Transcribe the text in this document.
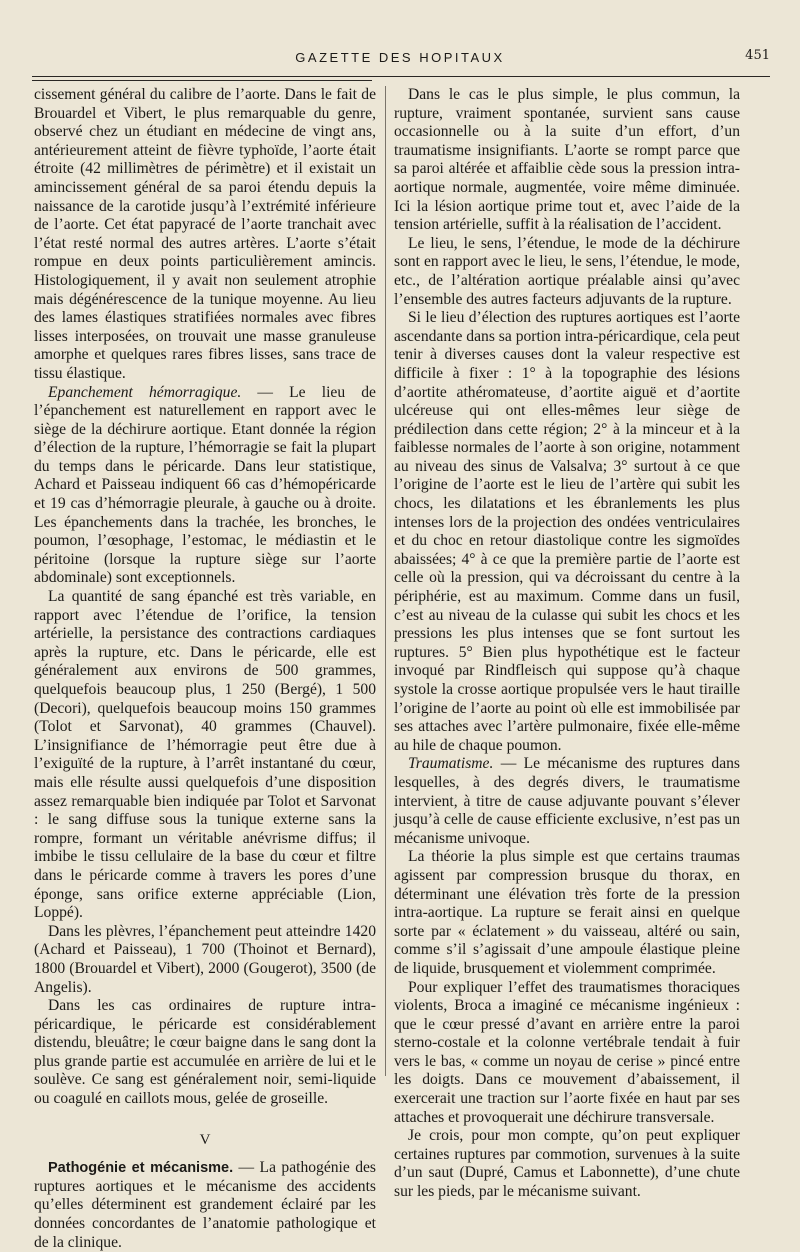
GAZETTE DES HOPITAUX	451

cissement général du calibre de l’aorte. Dans le fait de Brouardel et Vibert, le plus remarquable du genre, observé chez un étudiant en médecine de vingt ans, antérieurement atteint de fièvre typhoïde, l’aorte était étroite (42 millimètres de périmètre) et il existait un amincissement général de sa paroi étendu depuis la naissance de la carotide jusqu’à l’extrémité inférieure de l’aorte. Cet état papyracé de l’aorte tranchait avec l’état resté normal des autres artères. L’aorte s’était rompue en deux points particulièrement amincis. Histologiquement, il y avait non seulement atrophie mais dégénérescence de la tunique moyenne. Au lieu des lames élastiques stratifiées normales avec fibres lisses interposées, on trouvait une masse granuleuse amorphe et quelques rares fibres lisses, sans trace de tissu élastique.

Epanchement hémorragique. — Le lieu de l’épanchement est naturellement en rapport avec le siège de la déchirure aortique. Etant donnée la région d’élection de la rupture, l’hémorragie se fait la plupart du temps dans le péricarde. Dans leur statistique, Achard et Paisseau indiquent 66 cas d’hémopéricarde et 19 cas d’hémorragie pleurale, à gauche ou à droite. Les épanchements dans la trachée, les bronches, le poumon, l’œsophage, l’estomac, le médiastin et le péritoine (lorsque la rupture siège sur l’aorte abdominale) sont exceptionnels.

La quantité de sang épanché est très variable, en rapport avec l’étendue de l’orifice, la tension artérielle, la persistance des contractions cardiaques après la rupture, etc. Dans le péricarde, elle est généralement aux environs de 500 grammes, quelquefois beaucoup plus, 1 250 (Bergé), 1 500 (Decori), quelquefois beaucoup moins 150 grammes (Tolot et Sarvonat), 40 grammes (Chauvel). L’insignifiance de l’hémorragie peut être due à l’exiguïté de la rupture, à l’arrêt instantané du cœur, mais elle résulte aussi quelquefois d’une disposition assez remarquable bien indiquée par Tolot et Sarvonat : le sang diffuse sous la tunique externe sans la rompre, formant un véritable anévrisme diffus; il imbibe le tissu cellulaire de la base du cœur et filtre dans le péricarde comme à travers les pores d’une éponge, sans orifice externe appréciable (Lion, Loppé).

Dans les plèvres, l’épanchement peut atteindre 1420 (Achard et Paisseau), 1 700 (Thoinot et Bernard), 1800 (Brouardel et Vibert), 2000 (Gougerot), 3500 (de Angelis).

Dans les cas ordinaires de rupture intra-péricardique, le péricarde est considérablement distendu, bleuâtre; le cœur baigne dans le sang dont la plus grande partie est accumulée en arrière de lui et le soulève. Ce sang est généralement noir, semi-liquide ou coagulé en caillots mous, gelée de groseille.

V

Pathogénie et mécanisme. — La pathogénie des ruptures aortiques et le mécanisme des accidents qu’elles déterminent est grandement éclairé par les données concordantes de l’anatomie pathologique et de la clinique.

Dans le cas le plus simple, le plus commun, la rupture, vraiment spontanée, survient sans cause occasionnelle ou à la suite d’un effort, d’un traumatisme insignifiants. L’aorte se rompt parce que sa paroi altérée et affaiblie cède sous la pression intra-aortique normale, augmentée, voire même diminuée. Ici la lésion aortique prime tout et, avec l’aide de la tension artérielle, suffit à la réalisation de l’accident.

Le lieu, le sens, l’étendue, le mode de la déchirure sont en rapport avec le lieu, le sens, l’étendue, le mode, etc., de l’altération aortique préalable ainsi qu’avec l’ensemble des autres facteurs adjuvants de la rupture.

Si le lieu d’élection des ruptures aortiques est l’aorte ascendante dans sa portion intra-péricardique, cela peut tenir à diverses causes dont la valeur respective est difficile à fixer : 1° à la topographie des lésions d’aortite athéromateuse, d’aortite aiguë et d’aortite ulcéreuse qui ont elles-mêmes leur siège de prédilection dans cette région; 2° à la minceur et à la faiblesse normales de l’aorte à son origine, notamment au niveau des sinus de Valsalva; 3° surtout à ce que l’origine de l’aorte est le lieu de l’artère qui subit les chocs, les dilatations et les ébranlements les plus intenses lors de la projection des ondées ventriculaires et du choc en retour diastolique contre les sigmoïdes abaissées; 4° à ce que la première partie de l’aorte est celle où la pression, qui va décroissant du centre à la périphérie, est au maximum. Comme dans un fusil, c’est au niveau de la culasse qui subit les chocs et les pressions les plus intenses que se font surtout les ruptures. 5° Bien plus hypothétique est le facteur invoqué par Rindfleisch qui suppose qu’à chaque systole la crosse aortique propulsée vers le haut tiraille l’origine de l’aorte au point où elle est immobilisée par ses attaches avec l’artère pulmonaire, fixée elle-même au hile de chaque poumon.

Traumatisme. — Le mécanisme des ruptures dans lesquelles, à des degrés divers, le traumatisme intervient, à titre de cause adjuvante pouvant s’élever jusqu’à celle de cause efficiente exclusive, n’est pas un mécanisme univoque.

La théorie la plus simple est que certains traumas agissent par compression brusque du thorax, en déterminant une élévation très forte de la pression intra-aortique. La rupture se ferait ainsi en quelque sorte par « éclatement » du vaisseau, altéré ou sain, comme s’il s’agissait d’une ampoule élastique pleine de liquide, brusquement et violemment comprimée.

Pour expliquer l’effet des traumatismes thoraciques violents, Broca a imaginé ce mécanisme ingénieux : que le cœur pressé d’avant en arrière entre la paroi sterno-costale et la colonne vertébrale tendait à fuir vers le bas, « comme un noyau de cerise » pincé entre les doigts. Dans ce mouvement d’abaissement, il exercerait une traction sur l’aorte fixée en haut par ses attaches et provoquerait une déchirure transversale.

Je crois, pour mon compte, qu’on peut expliquer certaines ruptures par commotion, survenues à la suite d’un saut (Dupré, Camus et Labonnette), d’une chute sur les pieds, par le mécanisme suivant.
